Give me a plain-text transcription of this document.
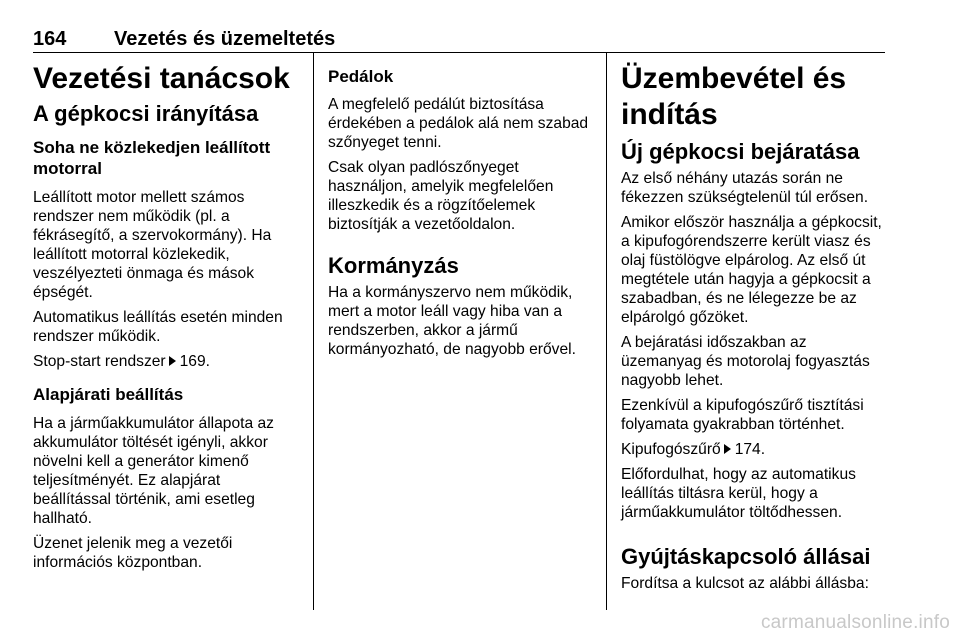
164 Vezetés és üzemeltetés
Vezetési tanácsok
A gépkocsi irányítása
Soha ne közlekedjen leállított
motorral

Leállított motor mellett számos
rendszer nem működik (pl. a
fékrásegítő, a szervokormány). Ha
leállított motorral közlekedik,
veszélyezteti önmaga és mások
épségét.

Automatikus leállítás esetén minden
rendszer működik.

Stop-start rendszer 169.

Alapjárati beállítás

Ha a járműakkumulátor állapota az
akkumulátor töltését igényli, akkor
növelni kell a generátor kimenő
teljesítményét. Ez alapjárat
beállítással történik, ami esetleg
hallható.

Üzenet jelenik meg a vezetői
információs központban.

Pedálok

A megfelelő pedálút biztosítása
érdekében a pedálok alá nem szabad
szőnyeget tenni.

Csak olyan padlószőnyeget
használjon, amelyik megfelelően
illeszkedik és a rögzítőelemek
biztosítják a vezetőoldalon.

Kormányzás

Ha a kormányszervo nem működik,
mert a motor leáll vagy hiba van a
rendszerben, akkor a jármű
kormányozható, de nagyobb erővel.

Üzembevétel és indítás
Új gépkocsi bejáratása

Az első néhány utazás során ne
fékezzen szükségtelenül túl erősen.

Amikor először használja a gépkocsit,
a kipufogórendszerre került viasz és
olaj füstölögve elpárolog. Az első út
megtétele után hagyja a gépkocsit a
szabadban, és ne lélegezze be az
elpárolgó gőzöket.

A bejáratási időszakban az
üzemanyag és motorolaj fogyasztás
nagyobb lehet.

Ezenkívül a kipufogószűrő tisztítási
folyamata gyakrabban történhet.

Kipufogószűrő 174.

Előfordulhat, hogy az automatikus
leállítás tiltásra kerül, hogy a
járműakkumulátor töltődhessen.

Gyújtáskapcsoló állásai

Fordítsa a kulcsot az alábbi állásba:

carmanualsonline.info
